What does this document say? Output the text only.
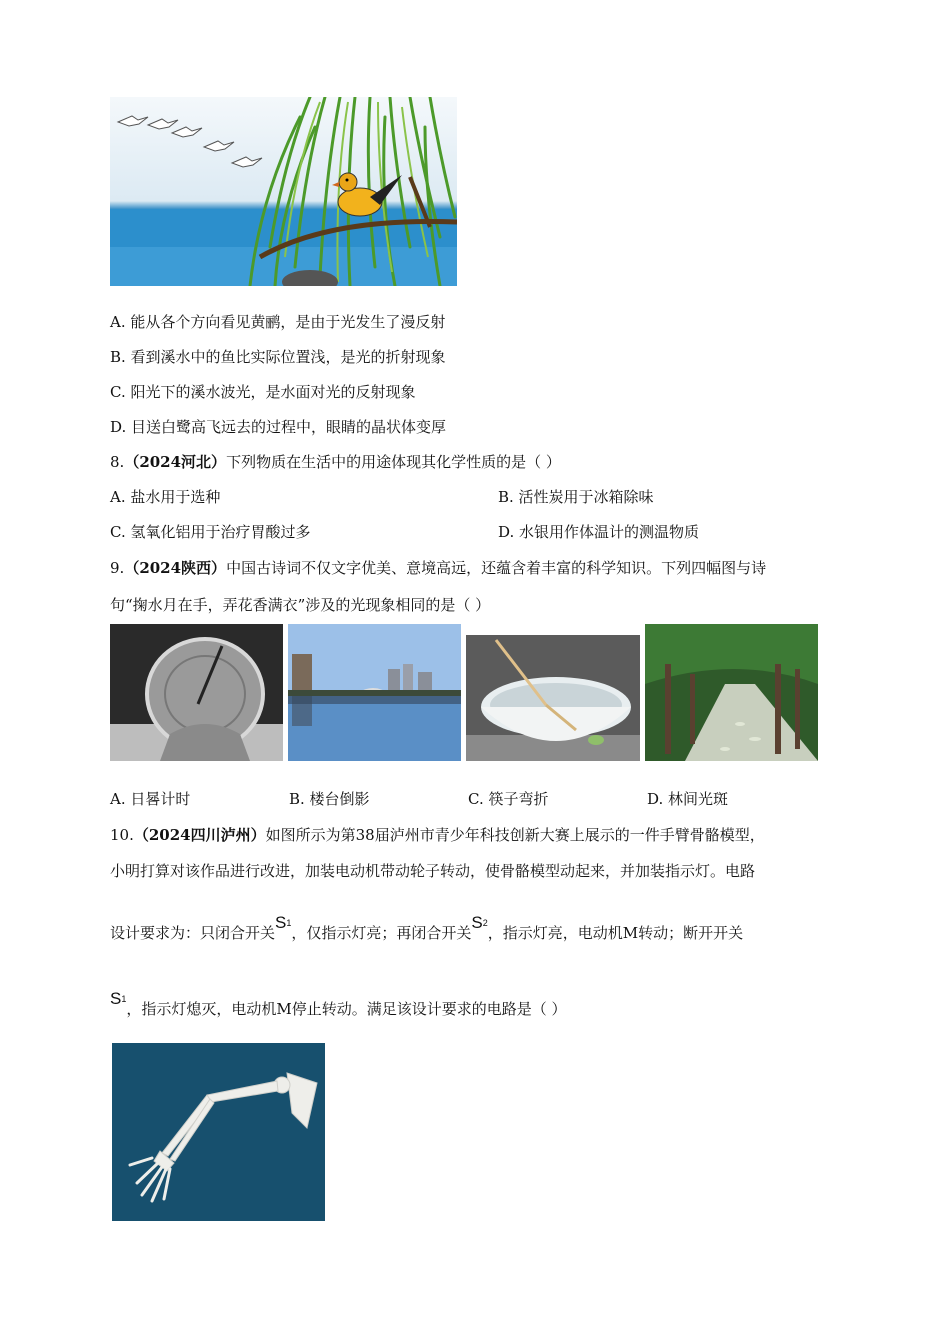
A. 能从各个方向看见黄鹂，是由于光发生了漫反射
B. 看到溪水中的鱼比实际位置浅，是光的折射现象
C. 阳光下的溪水波光，是水面对光的反射现象
D. 目送白鹭高飞远去的过程中，眼睛的晶状体变厚
8.（2024河北）下列物质在生活中的用途体现其化学性质的是（ ）
A. 盐水用于选种	B. 活性炭用于冰箱除味
C. 氢氧化铝用于治疗胃酸过多	D. 水银用作体温计的测温物质
9.（2024陕西）中国古诗词不仅文字优美、意境高远，还蕴含着丰富的科学知识。下列四幅图与诗
句“掬水月在手，弄花香满衣”涉及的光现象相同的是（ ）
A. 日晷计时	B. 楼台倒影	C. 筷子弯折	D. 林间光斑
10.（2024四川泸州）如图所示为第38届泸州市青少年科技创新大赛上展示的一件手臂骨骼模型，
小明打算对该作品进行改进，加装电动机带动轮子转动，使骨骼模型动起来，并加装指示灯。电路
设计要求为：只闭合开关S1，仅指示灯亮；再闭合开关S2，指示灯亮，电动机M转动；断开开关
S1，指示灯熄灭，电动机M停止转动。满足该设计要求的电路是（ ）
